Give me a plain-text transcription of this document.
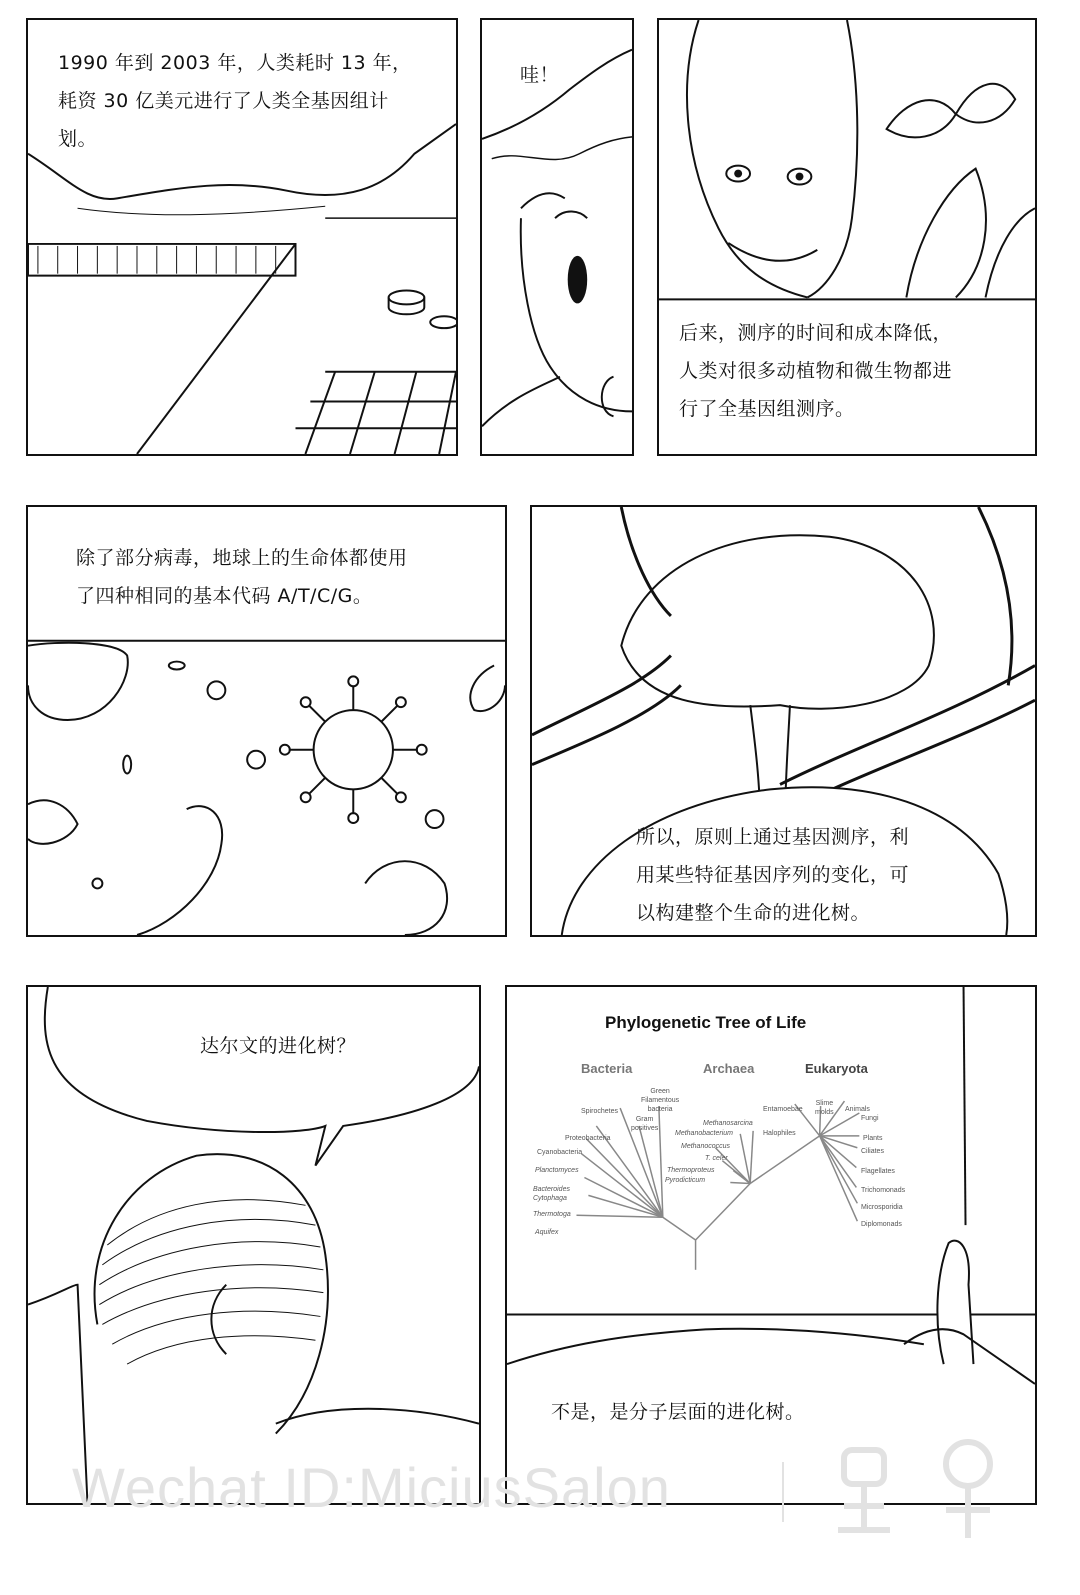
1990 年到 2003 年，人类耗时 13 年，
耗资 30 亿美元进行了人类全基因组计
划。
哇！
后来，测序的时间和成本降低，
人类对很多动植物和微生物都进
行了全基因组测序。
除了部分病毒，地球上的生命体都使用
了四种相同的基本代码 A/T/C/G。
所以，原则上通过基因测序，利
用某些特征基因序列的变化，可
以构建整个生命的进化树。
达尔文的进化树？
Phylogenetic Tree of Life
Bacteria	Archaea	Eukaryota
Spirochetes
Green
Filamentous
bacteria
Gram
positives
Proteobacteria
Cyanobacteria
Planctomyces
Bacteroides
Cytophaga
Thermotoga
Aquifex
Methanosarcina
Methanobacterium	Halophiles
Methanococcus
T. celer
Thermoproteus
Pyrodicticum
Entamoebae
Slime
molds Animals
Fungi
Plants
Ciliates
Flagellates
Trichomonads
Microsporidia
Diplomonads
不是，是分子层面的进化树。
Wechat ID:MiciusSalon
